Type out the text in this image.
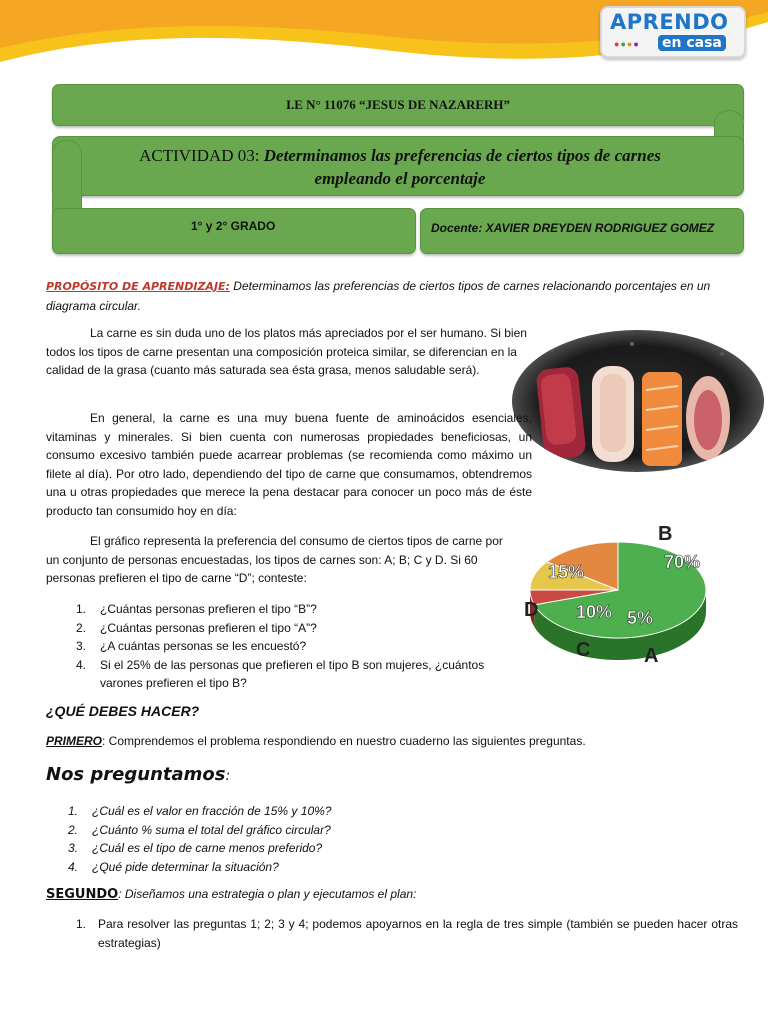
APRENDO
●●●● en casa
I.E N° 11076 “JESUS DE NAZARERH”
ACTIVIDAD 03: Determinamos las preferencias de ciertos tipos de carnes empleando el porcentaje
1° y 2° GRADO	Docente: XAVIER DREYDEN RODRIGUEZ GOMEZ
PROPÓSITO DE APRENDIZAJE: Determinamos las preferencias de ciertos tipos de carnes relacionando porcentajes en un diagrama circular.
La carne es sin duda uno de los platos más apreciados por el ser humano. Si bien todos los tipos de carne presentan una composición proteica similar, se diferencian en la calidad de la grasa (cuanto más saturada sea ésta grasa, menos saludable será).
En general, la carne es una muy buena fuente de aminoácidos esenciales, vitaminas y minerales. Si bien cuenta con numerosas propiedades beneficiosas, un consumo excesivo también puede acarrear problemas (se recomienda como máximo un filete al día). Por otro lado, dependiendo del tipo de carne que consumamos, obtendremos una u otras propiedades que merece la pena destacar para conocer un poco más de éste producto tan consumido hoy en día:
El gráfico representa la preferencia del consumo de ciertos tipos de carne por un conjunto de personas encuestadas, los tipos de carnes son: A; B; C y D. Si 60 personas prefieren el tipo de carne “D”; conteste:
70%
B
5%
A
10%
C
15%
D
1. ¿Cuántas personas prefieren el tipo “B”?
2. ¿Cuántas personas prefieren el tipo “A”?
3. ¿A cuántas personas se les encuestó?
4. Si el 25% de las personas que prefieren el tipo B son mujeres, ¿cuántos varones prefieren el tipo B?
¿QUÉ DEBES HACER?
PRIMERO: Comprendemos el problema respondiendo en nuestro cuaderno las siguientes preguntas.
Nos preguntamos:
1. ¿Cuál es el valor en fracción de 15% y 10%?
2. ¿Cuánto % suma el total del gráfico circular?
3. ¿Cuál es el tipo de carne menos preferido?
4. ¿Qué pide determinar la situación?
SEGUNDO: Diseñamos una estrategia o plan y ejecutamos el plan:
1. Para resolver las preguntas 1; 2; 3 y 4; podemos apoyarnos en la regla de tres simple (también se pueden hacer otras estrategias)
